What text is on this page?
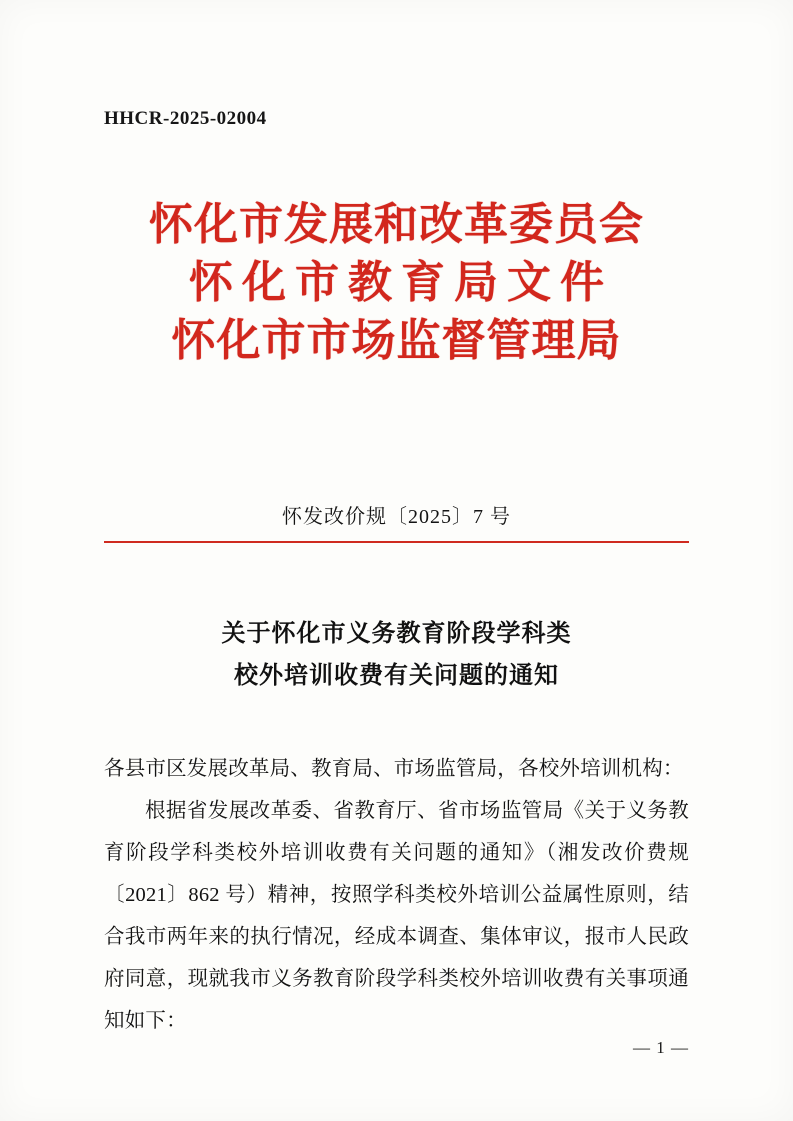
HHCR-2025-02004
怀化市发展和改革委员会
怀化市教育局文件
怀化市市场监督管理局
怀发改价规〔2025〕7 号
关于怀化市义务教育阶段学科类
校外培训收费有关问题的通知

各县市区发展改革局、教育局、市场监管局，各校外培训机构：

根据省发展改革委、省教育厅、省市场监管局《关于义务教育阶段学科类校外培训收费有关问题的通知》（湘发改价费规〔2021〕862 号）精神，按照学科类校外培训公益属性原则，结合我市两年来的执行情况，经成本调查、集体审议，报市人民政府同意，现就我市义务教育阶段学科类校外培训收费有关事项通知如下：

— 1 —
